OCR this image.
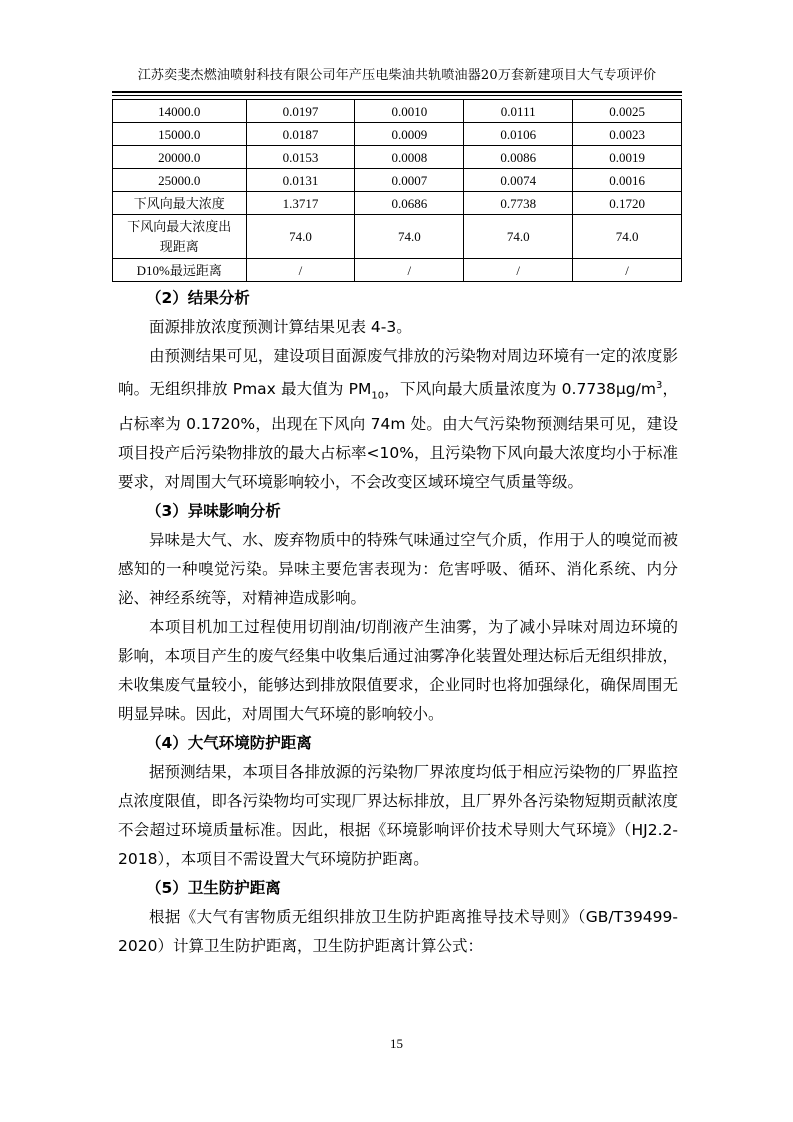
江苏奕斐杰燃油喷射科技有限公司年产压电柴油共轨喷油器20万套新建项目大气专项评价
14000.0	0.0197	0.0010	0.0111	0.0025
15000.0	0.0187	0.0009	0.0106	0.0023
20000.0	0.0153	0.0008	0.0086	0.0019
25000.0	0.0131	0.0007	0.0074	0.0016
下风向最大浓度	1.3717	0.0686	0.7738	0.1720
下风向最大浓度出现距离	74.0	74.0	74.0	74.0
D10%最远距离	/	/	/	/
（2）结果分析

面源排放浓度预测计算结果见表 4-3。

由预测结果可见，建设项目面源废气排放的污染物对周边环境有一定的浓度影响。无组织排放 Pmax 最大值为 $PM_{10}$，下风向最大质量浓度为 $0.7738\mu g/m^3$，占标率为 0.1720%，出现在下风向 74m 处。由大气污染物预测结果可见，建设项目投产后污染物排放的最大占标率<10%，且污染物下风向最大浓度均小于标准要求，对周围大气环境影响较小，不会改变区域环境空气质量等级。

（3）异味影响分析

异味是大气、水、废弃物质中的特殊气味通过空气介质，作用于人的嗅觉而被感知的一种嗅觉污染。异味主要危害表现为：危害呼吸、循环、消化系统、内分泌、神经系统等，对精神造成影响。

本项目机加工过程使用切削油/切削液产生油雾，为了减小异味对周边环境的影响，本项目产生的废气经集中收集后通过油雾净化装置处理达标后无组织排放，未收集废气量较小，能够达到排放限值要求，企业同时也将加强绿化，确保周围无明显异味。因此，对周围大气环境的影响较小。

（4）大气环境防护距离

据预测结果，本项目各排放源的污染物厂界浓度均低于相应污染物的厂界监控点浓度限值，即各污染物均可实现厂界达标排放，且厂界外各污染物短期贡献浓度不会超过环境质量标准。因此，根据《环境影响评价技术导则大气环境》（HJ2.2-2018），本项目不需设置大气环境防护距离。

（5）卫生防护距离

根据《大气有害物质无组织排放卫生防护距离推导技术导则》（GB/T39499-2020）计算卫生防护距离，卫生防护距离计算公式：

15
